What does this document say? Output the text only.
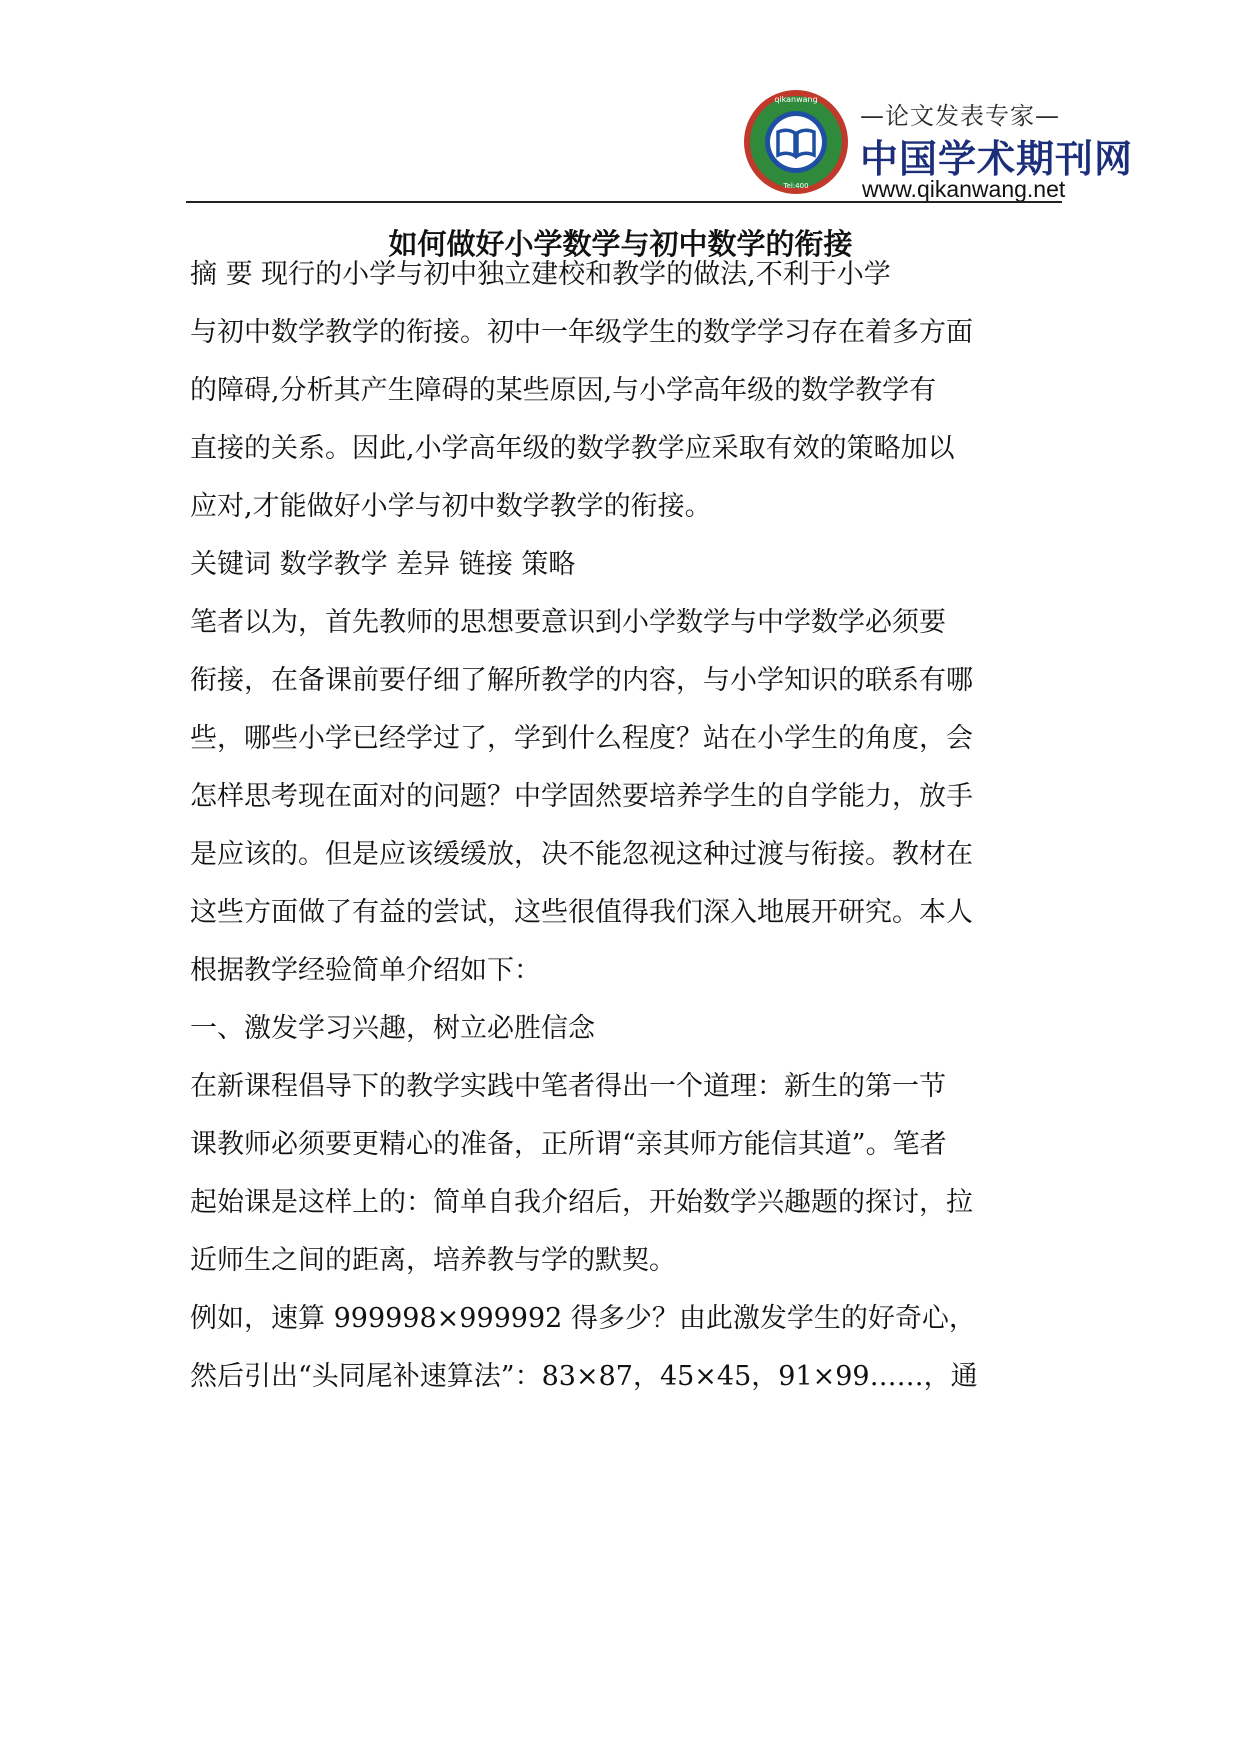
qikanwang
Tel:400
—论文发表专家—
中国学术期刊网
www.qikanwang.net
如何做好小学数学与初中数学的衔接
摘 要 现行的小学与初中独立建校和教学的做法,不利于小学
与初中数学教学的衔接。初中一年级学生的数学学习存在着多方面
的障碍,分析其产生障碍的某些原因,与小学高年级的数学教学有
直接的关系。因此,小学高年级的数学教学应采取有效的策略加以
应对,才能做好小学与初中数学教学的衔接。
关键词 数学教学 差异 链接 策略
笔者以为，首先教师的思想要意识到小学数学与中学数学必须要
衔接，在备课前要仔细了解所教学的内容，与小学知识的联系有哪
些，哪些小学已经学过了，学到什么程度？站在小学生的角度，会
怎样思考现在面对的问题？中学固然要培养学生的自学能力，放手
是应该的。但是应该缓缓放，决不能忽视这种过渡与衔接。教材在
这些方面做了有益的尝试，这些很值得我们深入地展开研究。本人
根据教学经验简单介绍如下：
一、激发学习兴趣，树立必胜信念
在新课程倡导下的教学实践中笔者得出一个道理：新生的第一节
课教师必须要更精心的准备，正所谓“亲其师方能信其道”。笔者
起始课是这样上的：简单自我介绍后，开始数学兴趣题的探讨，拉
近师生之间的距离，培养教与学的默契。
例如，速算 999998×999992 得多少？由此激发学生的好奇心，
然后引出“头同尾补速算法”：83×87，45×45，91×99……，通
